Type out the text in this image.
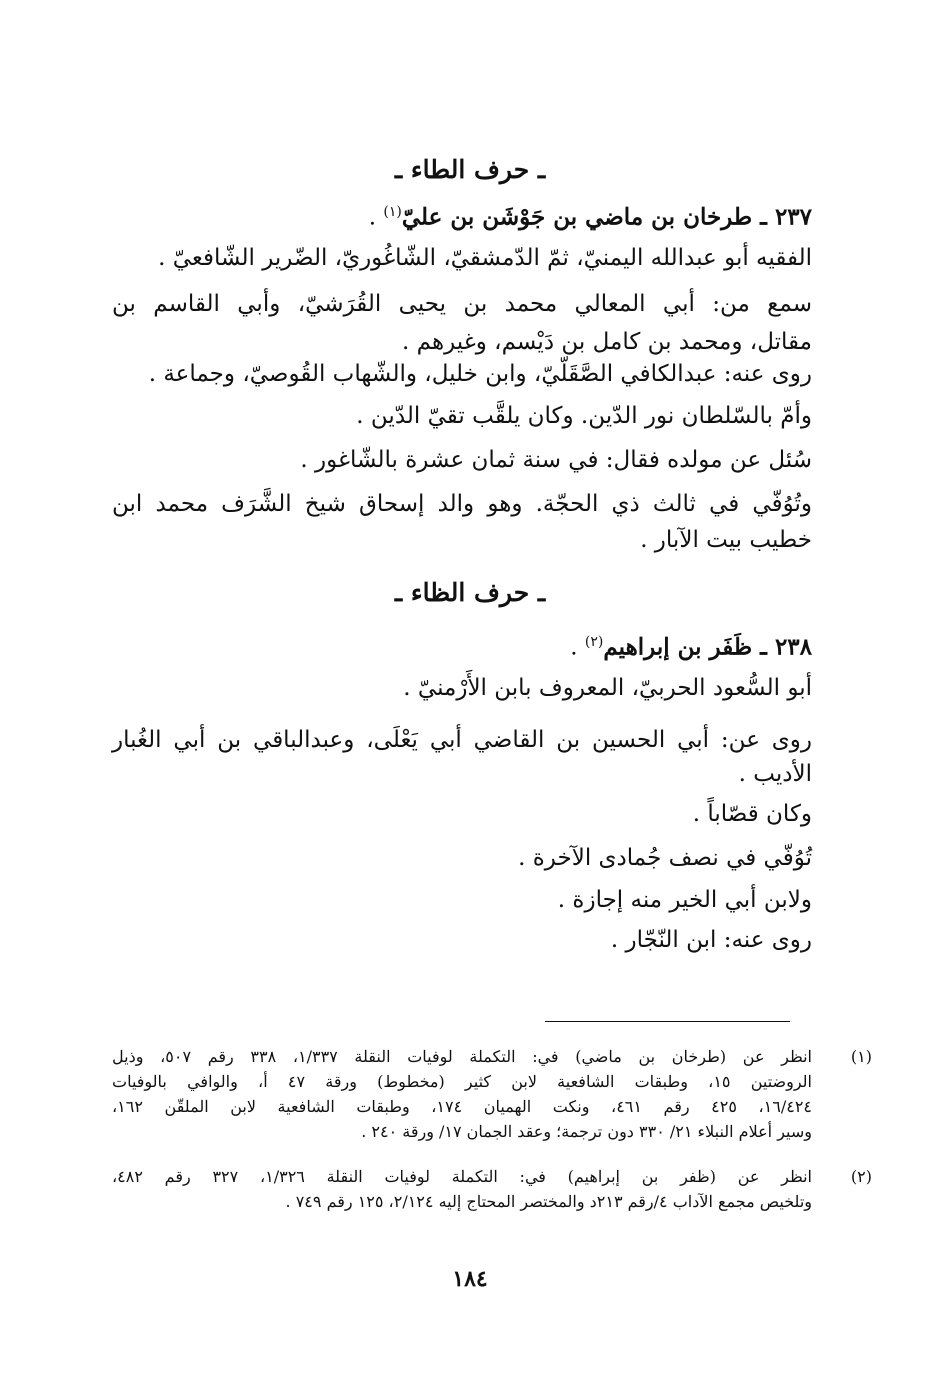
ـ حرف الطاء ـ
٢٣٧ ـ طرخان بن ماضي بن جَوْشَن بن عليّ$^{(١)}$ .
الفقيه أبو عبدالله اليمنيّ، ثمّ الدّمشقيّ، الشّاغُوريّ، الضّرير الشّافعيّ .
سمع من: أبي المعالي محمد بن يحيى القُرَشيّ، وأبي القاسم بن
مقاتل، ومحمد بن كامل بن دَيْسم، وغيرهم .
روى عنه: عبدالكافي الصَّقَلّيّ، وابن خليل، والشّهاب القُوصيّ، وجماعة .
وأمّ بالسّلطان نور الدّين. وكان يلقَّب تقيّ الدّين .
سُئل عن مولده فقال: في سنة ثمان عشرة بالشّاغور .
وتُوُفّي في ثالث ذي الحجّة. وهو والد إسحاق شيخ الشَّرَف محمد ابن
خطيب بيت الآبار .
ـ حرف الظاء ـ
٢٣٨ ـ ظَفَر بن إبراهيم$^{(٢)}$ .
أبو السُّعود الحربيّ، المعروف بابن الأَرْمنيّ .
روى عن: أبي الحسين بن القاضي أبي يَعْلَى، وعبدالباقي بن أبي الغُبار
الأديب .
وكان قصّاباً .
تُوُفّي في نصف جُمادى الآخرة .
ولابن أبي الخير منه إجازة .
روى عنه: ابن النّجّار .
(١)
انظر عن (طرخان بن ماضي) في: التكملة لوفيات النقلة ١/٣٣٧، ٣٣٨ رقم ٥٠٧، وذيل
الروضتين ١٥، وطبقات الشافعية لابن كثير (مخطوط) ورقة ٤٧ أ، والوافي بالوفيات
١٦/٤٢٤، ٤٢٥ رقم ٤٦١، ونكت الهميان ١٧٤، وطبقات الشافعية لابن الملقّن ١٦٢،
وسير أعلام النبلاء ٢١/ ٣٣٠ دون ترجمة؛ وعقد الجمان ١٧/ ورقة ٢٤٠ .
(٢)
انظر عن (ظفر بن إبراهيم) في: التكملة لوفيات النقلة ١/٣٢٦، ٣٢٧ رقم ٤٨٢،
وتلخيص مجمع الآداب ٤/رقم ٢١٣د والمختصر المحتاج إليه ٢/١٢٤، ١٢٥ رقم ٧٤٩ .
١٨٤
